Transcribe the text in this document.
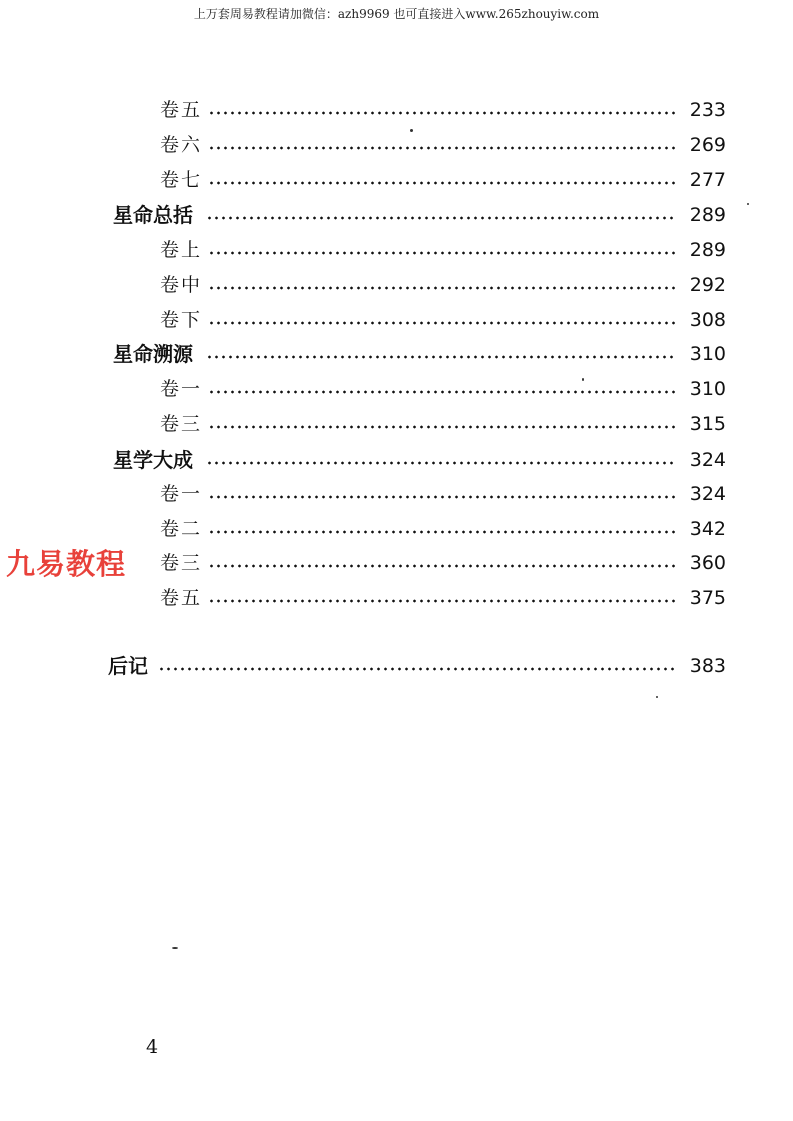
上万套周易教程请加微信：azh9969 也可直接进入www.265zhouyiw.com
卷五	233
卷六	269
卷七	277
星命总括	289
卷上	289
卷中	292
卷下	308
星命溯源	310
卷一	310
卷三	315
星学大成	324
卷一	324
卷二	342
卷三	360
卷五	375
后记	383
九易教程
4
